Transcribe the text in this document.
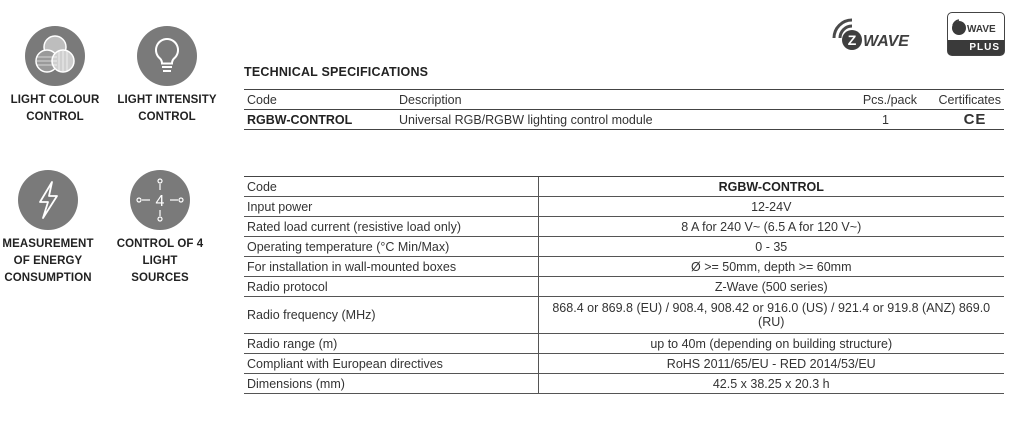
LIGHT COLOUR CONTROL
LIGHT INTENSITY CONTROL
MEASUREMENT OF ENERGY CONSUMPTION
4
CONTROL OF 4 LIGHT SOURCES
Z WAVE
WAVE
PLUS
TECHNICAL SPECIFICATIONS
Code	Description	Pcs./pack	Certificates
RGBW-CONTROL	Universal RGB/RGBW lighting control module	1	CE
Code	RGBW-CONTROL
Input power	12-24V
Rated load current (resistive load only)	8 A for 240 V~ (6.5 A for 120 V~)
Operating temperature (°C Min/Max)	0 - 35
For installation in wall-mounted boxes	Ø >= 50mm, depth >= 60mm
Radio protocol	Z-Wave (500 series)
Radio frequency (MHz)	868.4 or 869.8 (EU) / 908.4, 908.42 or 916.0 (US) / 921.4 or 919.8 (ANZ) 869.0 (RU)
Radio range (m)	up to 40m (depending on building structure)
Compliant with European directives	RoHS 2011/65/EU - RED 2014/53/EU
Dimensions (mm)	42.5 x 38.25 x 20.3 h
